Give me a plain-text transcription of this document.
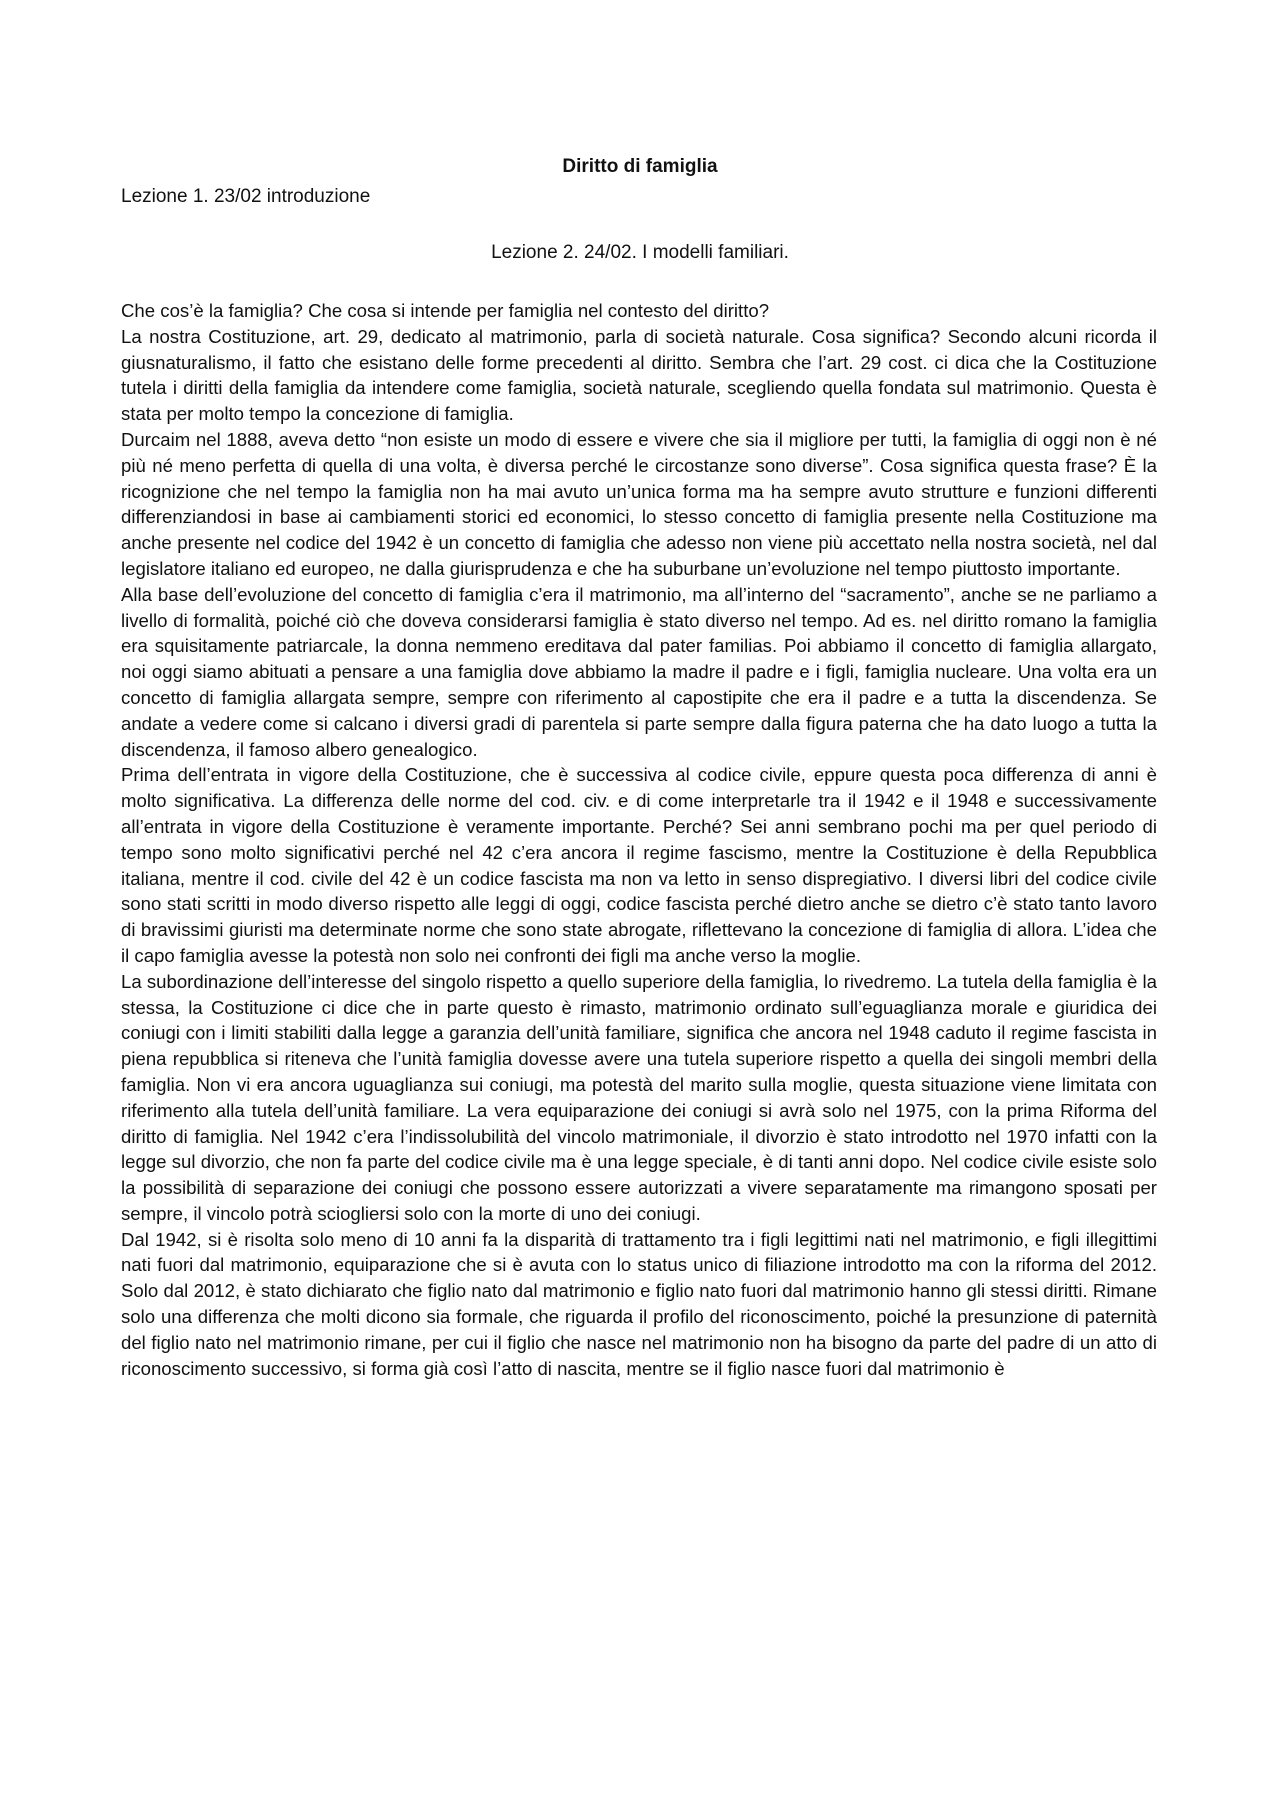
Diritto di famiglia
Lezione 1. 23/02 introduzione
Lezione 2. 24/02. I modelli familiari.

Che cos’è la famiglia? Che cosa si intende per famiglia nel contesto del diritto?

La nostra Costituzione, art. 29, dedicato al matrimonio, parla di società naturale. Cosa significa? Secondo alcuni ricorda il giusnaturalismo, il fatto che esistano delle forme precedenti al diritto. Sembra che l’art. 29 cost. ci dica che la Costituzione tutela i diritti della famiglia da intendere come famiglia, società naturale, scegliendo quella fondata sul matrimonio. Questa è stata per molto tempo la concezione di famiglia.

Durcaim nel 1888, aveva detto “non esiste un modo di essere e vivere che sia il migliore per tutti, la famiglia di oggi non è né più né meno perfetta di quella di una volta, è diversa perché le circostanze sono diverse”. Cosa significa questa frase? È la ricognizione che nel tempo la famiglia non ha mai avuto un’unica forma ma ha sempre avuto strutture e funzioni differenti differenziandosi in base ai cambiamenti storici ed economici, lo stesso concetto di famiglia presente nella Costituzione ma anche presente nel codice del 1942 è un concetto di famiglia che adesso non viene più accettato nella nostra società, nel dal legislatore italiano ed europeo, ne dalla giurisprudenza e che ha suburbane un’evoluzione nel tempo piuttosto importante.

Alla base dell’evoluzione del concetto di famiglia c’era il matrimonio, ma all’interno del “sacramento”, anche se ne parliamo a livello di formalità, poiché ciò che doveva considerarsi famiglia è stato diverso nel tempo. Ad es. nel diritto romano la famiglia era squisitamente patriarcale, la donna nemmeno ereditava dal pater familias. Poi abbiamo il concetto di famiglia allargato, noi oggi siamo abituati a pensare a una famiglia dove abbiamo la madre il padre e i figli, famiglia nucleare. Una volta era un concetto di famiglia allargata sempre, sempre con riferimento al capostipite che era il padre e a tutta la discendenza. Se andate a vedere come si calcano i diversi gradi di parentela si parte sempre dalla figura paterna che ha dato luogo a tutta la discendenza, il famoso albero genealogico.

Prima dell’entrata in vigore della Costituzione, che è successiva al codice civile, eppure questa poca differenza di anni è molto significativa. La differenza delle norme del cod. civ. e di come interpretarle tra il 1942 e il 1948 e successivamente all’entrata in vigore della Costituzione è veramente importante. Perché? Sei anni sembrano pochi ma per quel periodo di tempo sono molto significativi perché nel 42 c’era ancora il regime fascismo, mentre la Costituzione è della Repubblica italiana, mentre il cod. civile del 42 è un codice fascista ma non va letto in senso dispregiativo. I diversi libri del codice civile sono stati scritti in modo diverso rispetto alle leggi di oggi, codice fascista perché dietro anche se dietro c’è stato tanto lavoro di bravissimi giuristi ma determinate norme che sono state abrogate, riflettevano la concezione di famiglia di allora. L’idea che il capo famiglia avesse la potestà non solo nei confronti dei figli ma anche verso la moglie.

La subordinazione dell’interesse del singolo rispetto a quello superiore della famiglia, lo rivedremo. La tutela della famiglia è la stessa, la Costituzione ci dice che in parte questo è rimasto, matrimonio ordinato sull’eguaglianza morale e giuridica dei coniugi con i limiti stabiliti dalla legge a garanzia dell’unità familiare, significa che ancora nel 1948 caduto il regime fascista in piena repubblica si riteneva che l’unità famiglia dovesse avere una tutela superiore rispetto a quella dei singoli membri della famiglia. Non vi era ancora uguaglianza sui coniugi, ma potestà del marito sulla moglie, questa situazione viene limitata con riferimento alla tutela dell’unità familiare. La vera equiparazione dei coniugi si avrà solo nel 1975, con la prima Riforma del diritto di famiglia. Nel 1942 c’era l’indissolubilità del vincolo matrimoniale, il divorzio è stato introdotto nel 1970 infatti con la legge sul divorzio, che non fa parte del codice civile ma è una legge speciale, è di tanti anni dopo. Nel codice civile esiste solo la possibilità di separazione dei coniugi che possono essere autorizzati a vivere separatamente ma rimangono sposati per sempre, il vincolo potrà sciogliersi solo con la morte di uno dei coniugi.

Dal 1942, si è risolta solo meno di 10 anni fa la disparità di trattamento tra i figli legittimi nati nel matrimonio, e figli illegittimi nati fuori dal matrimonio, equiparazione che si è avuta con lo status unico di filiazione introdotto ma con la riforma del 2012. Solo dal 2012, è stato dichiarato che figlio nato dal matrimonio e figlio nato fuori dal matrimonio hanno gli stessi diritti. Rimane solo una differenza che molti dicono sia formale, che riguarda il profilo del riconoscimento, poiché la presunzione di paternità del figlio nato nel matrimonio rimane, per cui il figlio che nasce nel matrimonio non ha bisogno da parte del padre di un atto di riconoscimento successivo, si forma già così l’atto di nascita, mentre se il figlio nasce fuori dal matrimonio è
